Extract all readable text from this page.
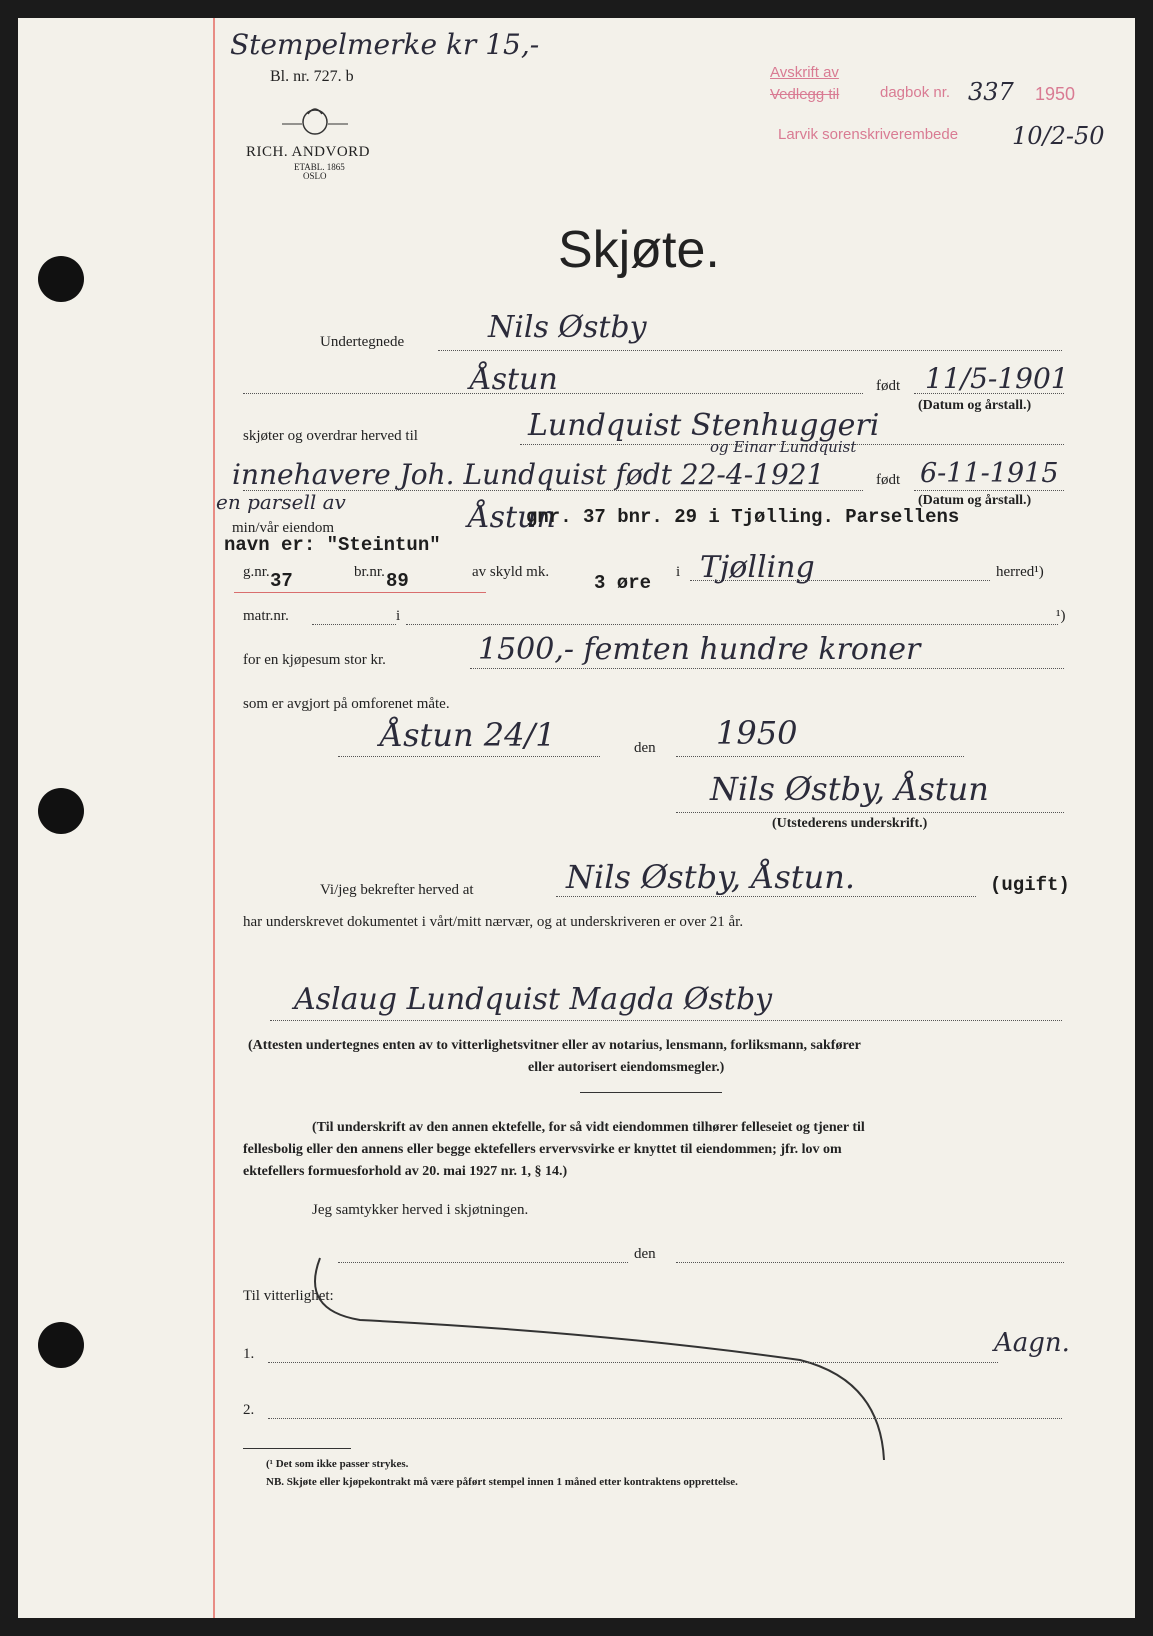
Stempelmerke kr 15,-
Bl. nr. 727. b
RICH. ANDVORD
ETABL. 1865
OSLO
Avskrift av
Vedlegg til	dagbok nr. 337 1950
Larvik sorenskriverembede 10/2-50
Skjøte.
Undertegnede	Nils Østby
Åstun	født 11/5-1901
(Datum og årstall.)
skjøter og overdrar herved til	Lundquist Stenhuggeri
og Einar Lundquist
innehavere Joh. Lundquist født 22-4-1921	født 6-11-1915
(Datum og årstall.)
en parsell av
min/vår eiendom	Åstun
gnr. 37 bnr. 29 i Tjølling. Parsellens
navn er: "Steintun"
g.nr. 37	br.nr. 89	av skyld mk. 3 øre i Tjølling	herred¹)
matr.nr.	i	¹)
for en kjøpesum stor kr.	1500,- femten hundre kroner
som er avgjort på omforenet måte.
Åstun 24/1	den 1950
Nils Østby, Åstun
(Utstederens underskrift.)
Vi/jeg bekrefter herved at	Nils Østby, Åstun.	(ugift)
har underskrevet dokumentet i vårt/mitt nærvær, og at underskriveren er over 21 år.
Aslaug Lundquist Magda Østby
(Attesten undertegnes enten av to vitterlighetsvitner eller av notarius, lensmann, forliksmann, sakfører
eller autorisert eiendomsmegler.)
(Til underskrift av den annen ektefelle, for så vidt eiendommen tilhører felleseiet og tjener til
fellesbolig eller den annens eller begge ektefellers ervervsvirke er knyttet til eiendommen; jfr. lov om
ektefellers formuesforhold av 20. mai 1927 nr. 1, § 14.)
Jeg samtykker herved i skjøtningen.
den
Til vitterlighet:
1.	Aagn.
2.
(¹ Det som ikke passer strykes.
NB. Skjøte eller kjøpekontrakt må være påført stempel innen 1 måned etter kontraktens opprettelse.
